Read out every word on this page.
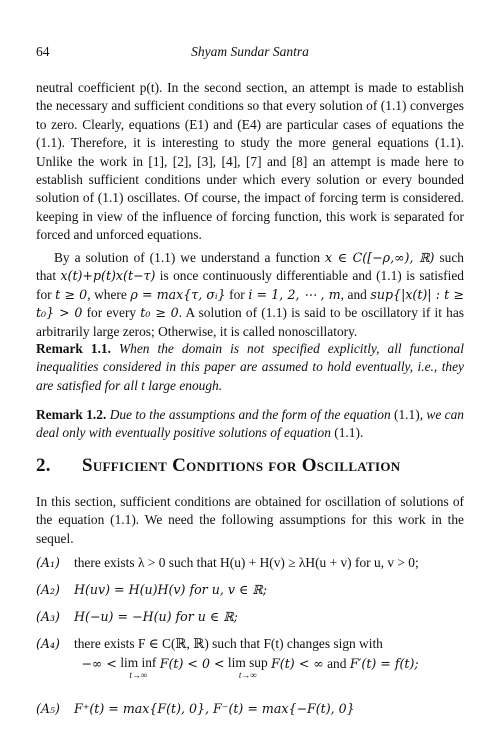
64	Shyam Sundar Santra
neutral coefficient p(t). In the second section, an attempt is made to establish the necessary and sufficient conditions so that every solution of (1.1) converges to zero. Clearly, equations (E1) and (E4) are particular cases of equations the (1.1). Therefore, it is interesting to study the more general equations (1.1). Unlike the work in [1], [2], [3], [4], [7] and [8] an attempt is made here to establish sufficient conditions under which every solution or every bounded solution of (1.1) oscillates. Of course, the impact of forcing term is considered. keeping in view of the influence of forcing function, this work is separated for forced and unforced equations.
By a solution of (1.1) we understand a function x ∈ C([−ρ,∞), ℝ) such that x(t)+p(t)x(t−τ) is once continuously differentiable and (1.1) is satisfied for t ≥ 0, where ρ = max{τ, σᵢ} for i = 1, 2, ⋯ , m, and sup{|x(t)| : t ≥ t₀} > 0 for every t₀ ≥ 0. A solution of (1.1) is said to be oscillatory if it has arbitrarily large zeros; Otherwise, it is called nonoscillatory.
Remark 1.1. When the domain is not specified explicitly, all functional inequalities considered in this paper are assumed to hold eventually, i.e., they are satisfied for all t large enough.
Remark 1.2. Due to the assumptions and the form of the equation (1.1), we can deal only with eventually positive solutions of equation (1.1).
2. Sufficient Conditions for Oscillation
In this section, sufficient conditions are obtained for oscillation of solutions of the equation (1.1). We need the following assumptions for this work in the sequel.
(A₁) there exists λ > 0 such that H(u) + H(v) ≥ λH(u + v) for u, v > 0;
(A₂) H(uv) = H(u)H(v) for u, v ∈ ℝ;
(A₃) H(−u) = −H(u) for u ∈ ℝ;
(A₄) there exists F ∈ C(ℝ, ℝ) such that F(t) changes sign with
−∞ < lim inf
t→∞
F(t) < 0 < lim sup
t→∞
F(t) < ∞ and F′(t) = f(t);
(A₅) F⁺(t) = max{F(t), 0}, F⁻(t) = max{−F(t), 0}
